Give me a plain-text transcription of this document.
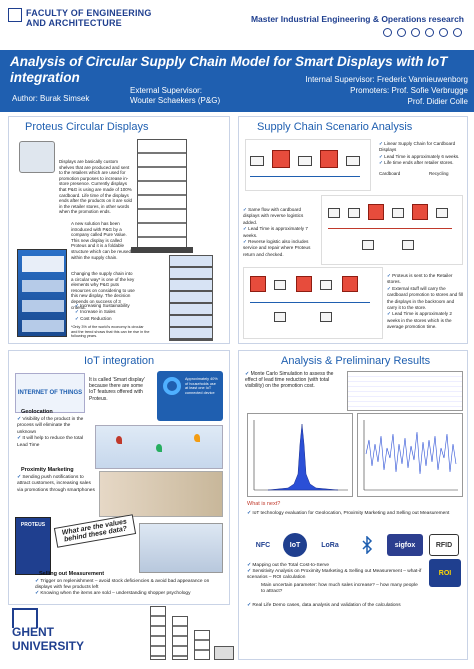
FACULTY OF ENGINEERING
AND ARCHITECTURE	Master Industrial Engineering & Operations research
Analysis of Circular Supply Chain Model for Smart Displays with IoT integration
Author: Burak Simsek
External Supervisor:
Wouter Schaekers (P&G)
Internal Supervisor: Frederic Vannieuwenborg
Promoters: Prof. Sofie Verbrugge
Prof. Didier Colle
Proteus Circular Displays
Displays are basically custom shelves that are produced and sent to the retailers which are used for promotion purposes to increase in-store presence. Currently displays that P&G is using are made of 100% cardboard. Life time of the displays ends after the products on it are sold in the retailer stores, in other words when the promotion ends.
A new solution has been introduced with P&G by a company called Pure Value. This new display is called Proteus and it is a foldable structure which can be reused within the supply chain.
Changing the supply chain into a circular way* is one of the key elements why P&G puts resources on considering to use this new display. The decision depends on success of 3 criteria:
✓ Increasing Sustainability
✓ Increase in Sales
✓ Cost Reduction
*Only 3% of the world's economy is circular and the trend shows that this can be rise in the following years.
Supply Chain Scenario Analysis
✓ Linear Supply Chain for Cardboard Displays
✓ Lead Time is approximately 6 weeks.
✓ Life time ends after retailer stores.
Cardboard	Recycling
✓ Same flow with cardboard displays with reverse logistics added.
✓ Lead Time is approximately 7 weeks.
✓ Reverse logistic also includes service and repair where Proteus return and checked.
✓ Proteus is sent to the Retailer stores.
✓ External stuff will carry the cardboard promotion to stores and fill the displays in the backroom and carry it to the store.
✓ Lead Time is approximately 2 weeks in the stores which is the average promotion time.
IoT integration
INTERNET OF THINGS
It is called 'Smart display' because there are some IoT features offered with Proteus.
Approximately 40% of households use at least one IoT connected device
Geolocation
✓ Visibility of the product in the process will eliminate the unknown
✓ It will help to reduce the total Lead Time
Proximity Marketing
✓ Sending push notifications to attract customers, increasing sales via promotions through smartphones
PROTEUS	What are the values behind these data?
Selling out Measurement
✓ Trigger on replenishment – avoid stock deficiencies & avoid bad appearance on displays with few products left
✓ Knowing when the items are sold – understanding shopper psychology
Analysis & Preliminary Results
✓ Monte Carlo Simulation to assess the effect of lead time reduction (with total visibility) on the promotion cost.
What is next?
✓ IoT technology evaluation for Geolocation, Proximity Marketing and Selling out Measurement
NFC	IoT	LoRa	sigfox	RFID
✓ Mapping out the Total Cost-to-Serve
✓ Sensitivity Analysis on Proximity Marketing & Selling out Measurement – what-if scenarios – ROI calculation
Main uncertain parameter: how much sales increase? – how many people to attract?
ROI
✓ Real Life Demo cases, data analysis and validation of the calculations
GHENT
UNIVERSITY
